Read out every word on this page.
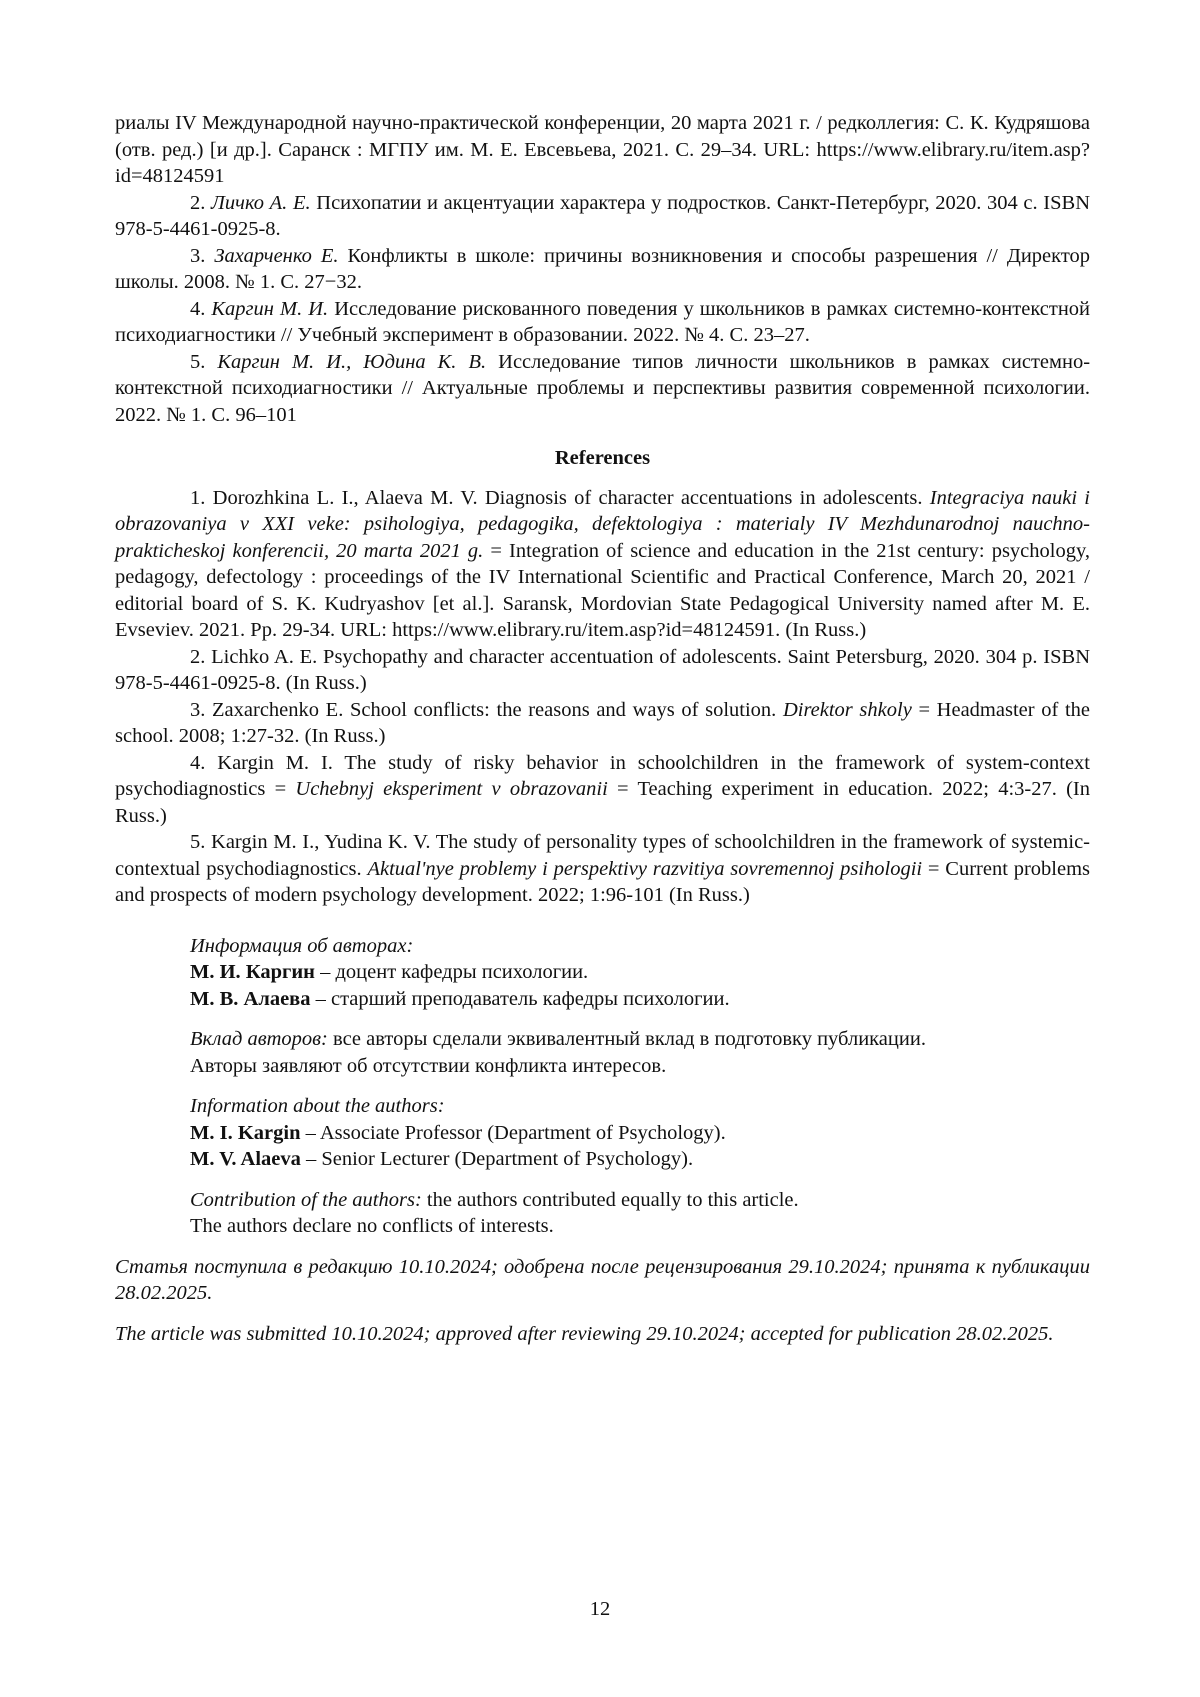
риалы IV Международной научно-практической конференции, 20 марта 2021 г. / редколлегия: С. К. Кудряшова (отв. ред.) [и др.]. Саранск : МГПУ им. М. Е. Евсевьева, 2021. С. 29–34. URL: https://www.elibrary.ru/item.asp?id=48124591

2. Личко А. Е. Психопатии и акцентуации характера у подростков. Санкт-Петербург, 2020. 304 с. ISBN 978-5-4461-0925-8.

3. Захарченко Е. Конфликты в школе: причины возникновения и способы разрешения // Директор школы. 2008. № 1. С. 27−32.

4. Каргин М. И. Исследование рискованного поведения у школьников в рамках системно-контекстной психодиагностики // Учебный эксперимент в образовании. 2022. № 4. С. 23–27.

5. Каргин М. И., Юдина К. В. Исследование типов личности школьников в рамках системно-контекстной психодиагностики // Актуальные проблемы и перспективы развития современной психологии. 2022. № 1. С. 96–101

References

1. Dorozhkina L. I., Alaeva M. V. Diagnosis of character accentuations in adolescents. Integraciya nauki i obrazovaniya v XXI veke: psihologiya, pedagogika, defektologiya : materialy IV Mezhdunarodnoj nauchno-prakticheskoj konferencii, 20 marta 2021 g. = Integration of science and education in the 21st century: psychology, pedagogy, defectology : proceedings of the IV International Scientific and Practical Conference, March 20, 2021 / editorial board of S. K. Kudryashov [et al.]. Saransk, Mordovian State Pedagogical University named after M. E. Evseviev. 2021. Pp. 29-34. URL: https://www.elibrary.ru/item.asp?id=48124591. (In Russ.)

2. Lichko A. E. Psychopathy and character accentuation of adolescents. Saint Petersburg, 2020. 304 p. ISBN 978-5-4461-0925-8. (In Russ.)

3. Zaxarchenko E. School conflicts: the reasons and ways of solution. Direktor shkoly = Headmaster of the school. 2008; 1:27-32. (In Russ.)

4. Kargin M. I. The study of risky behavior in schoolchildren in the framework of system-context psychodiagnostics = Uchebnyj eksperiment v obrazovanii = Teaching experiment in education. 2022; 4:3-27. (In Russ.)

5. Kargin M. I., Yudina K. V. The study of personality types of schoolchildren in the framework of systemic-contextual psychodiagnostics. Aktual'nye problemy i perspektivy razvitiya sovremennoj psihologii = Current problems and prospects of modern psychology development. 2022; 1:96-101 (In Russ.)

Информация об авторах:

М. И. Каргин – доцент кафедры психологии.

М. В. Алаева – старший преподаватель кафедры психологии.

Вклад авторов: все авторы сделали эквивалентный вклад в подготовку публикации.

Авторы заявляют об отсутствии конфликта интересов.

Information about the authors:

M. I. Kargin – Associate Professor (Department of Psychology).

M. V. Alaeva – Senior Lecturer (Department of Psychology).

Contribution of the authors: the authors contributed equally to this article.

The authors declare no conflicts of interests.

Статья поступила в редакцию 10.10.2024; одобрена после рецензирования 29.10.2024; принята к публикации 28.02.2025.

The article was submitted 10.10.2024; approved after reviewing 29.10.2024; accepted for publication 28.02.2025.

12
